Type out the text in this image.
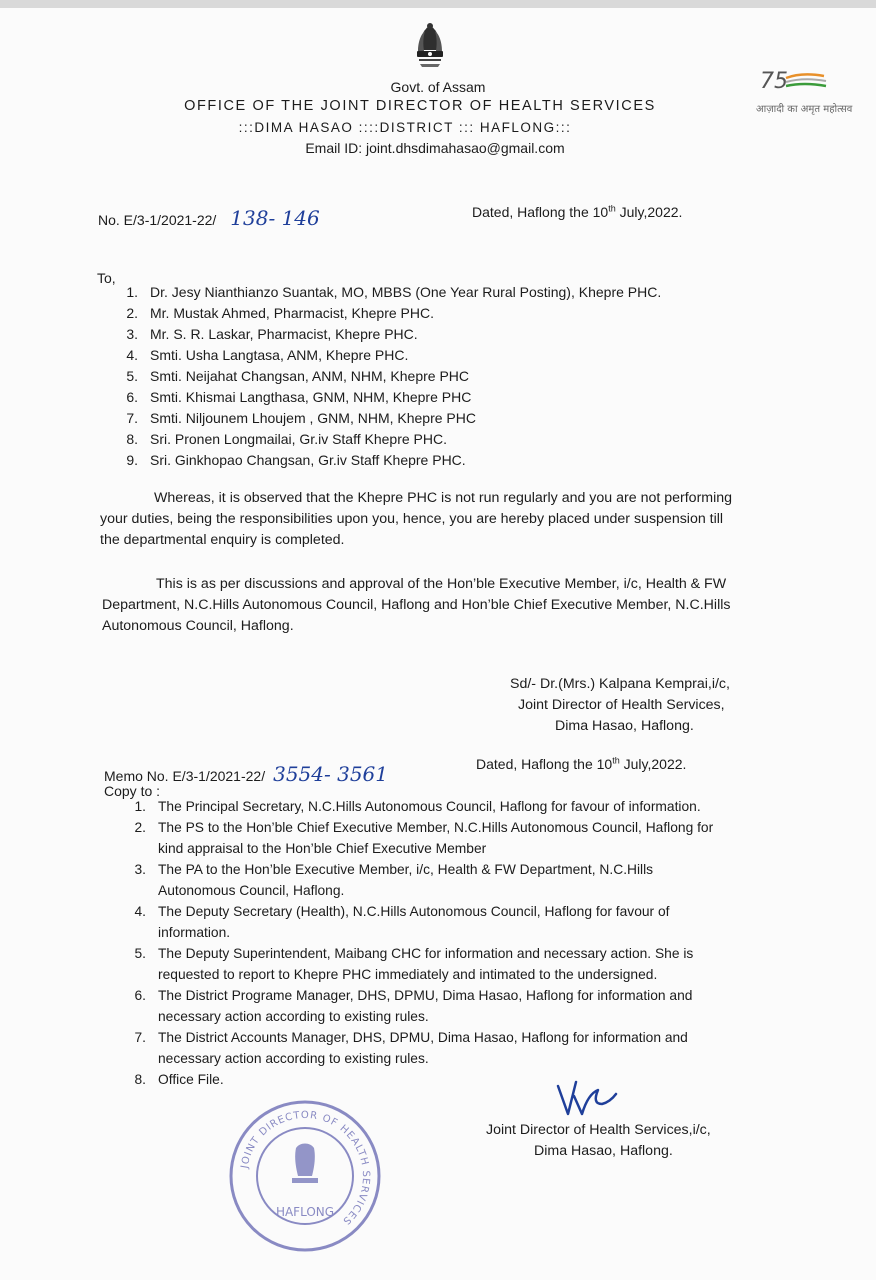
75
आज़ादी का अमृत महोत्सव
Govt. of Assam
OFFICE OF THE JOINT DIRECTOR OF HEALTH SERVICES
:::DIMA HASAO ::::DISTRICT ::: HAFLONG:::
Email ID: joint.dhsdimahasao@gmail.com
No. E/3-1/2021-22/ 138- 146	Dated, Haflong the 10th July,2022.
To,
1. Dr. Jesy Nianthianzo Suantak, MO, MBBS (One Year Rural Posting), Khepre PHC.
2. Mr. Mustak Ahmed, Pharmacist, Khepre PHC.
3. Mr. S. R. Laskar, Pharmacist, Khepre PHC.
4. Smti. Usha Langtasa, ANM, Khepre PHC.
5. Smti. Neijahat Changsan, ANM, NHM, Khepre PHC
6. Smti. Khismai Langthasa, GNM, NHM, Khepre PHC
7. Smti. Niljounem Lhoujem , GNM, NHM, Khepre PHC
8. Sri. Pronen Longmailai, Gr.iv Staff Khepre PHC.
9. Sri. Ginkhopao Changsan, Gr.iv Staff Khepre PHC.
Whereas, it is observed that the Khepre PHC is not run regularly and you are not performing
your duties, being the responsibilities upon you, hence, you are hereby placed under suspension till
the departmental enquiry is completed.
This is as per discussions and approval of the Hon’ble Executive Member, i/c, Health & FW
Department, N.C.Hills Autonomous Council, Haflong and Hon’ble Chief Executive Member, N.C.Hills
Autonomous Council, Haflong.
Sd/- Dr.(Mrs.) Kalpana Kemprai,i/c,
Joint Director of Health Services,
Dima Hasao, Haflong.
Memo No. E/3-1/2021-22/ 3554- 3561	Dated, Haflong the 10th July,2022.
Copy to :
1. The Principal Secretary, N.C.Hills Autonomous Council, Haflong for favour of information.
2. The PS to the Hon’ble Chief Executive Member, N.C.Hills Autonomous Council, Haflong for
kind appraisal to the Hon’ble Chief Executive Member
3. The PA to the Hon’ble Executive Member, i/c, Health & FW Department, N.C.Hills
Autonomous Council, Haflong.
4. The Deputy Secretary (Health), N.C.Hills Autonomous Council, Haflong for favour of
information.
5. The Deputy Superintendent, Maibang CHC for information and necessary action. She is
requested to report to Khepre PHC immediately and intimated to the undersigned.
6. The District Programe Manager, DHS, DPMU, Dima Hasao, Haflong for information and
necessary action according to existing rules.
7. The District Accounts Manager, DHS, DPMU, Dima Hasao, Haflong for information and
necessary action according to existing rules.
8. Office File.
Joint Director of Health Services,i/c,
Dima Hasao, Haflong.
JOINT DIRECTOR OF HEALTH SERVICES
HAFLONG
